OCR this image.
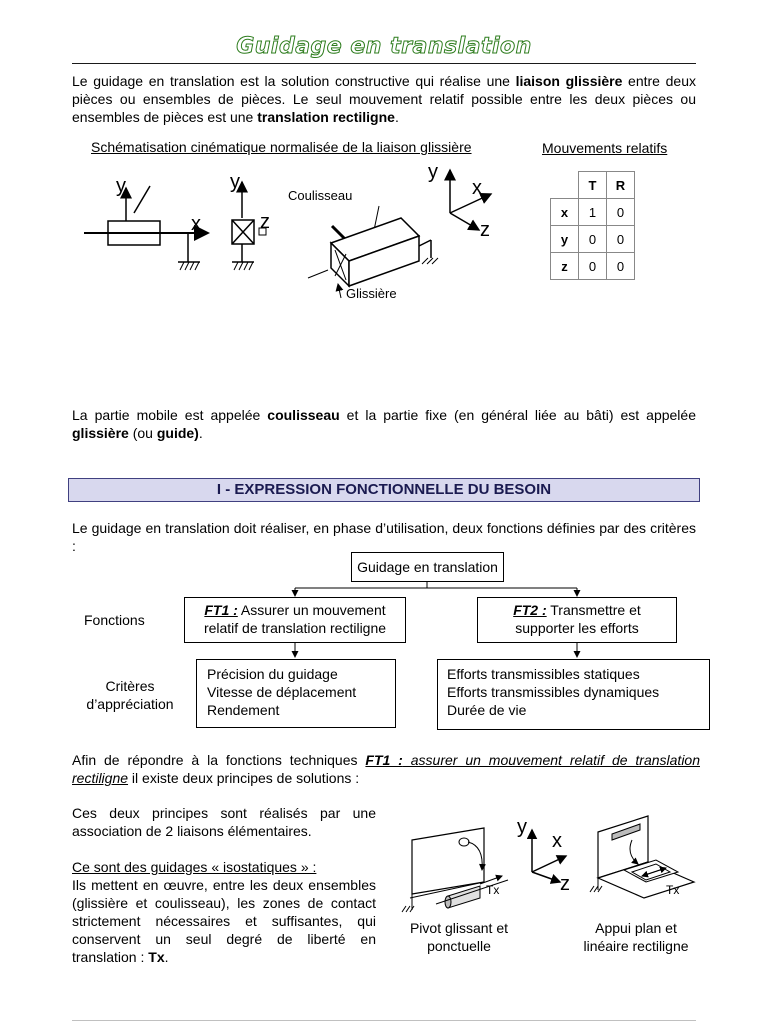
Guidage en translation
Le guidage en translation est la solution constructive qui réalise une liaison glissière entre deux pièces ou ensembles de pièces. Le seul mouvement relatif possible entre les deux pièces ou ensembles de pièces est une translation rectiligne.
Schématisation cinématique normalisée de la liaison glissière	Mouvements relatifs
y
x
y
z
Coulisseau
Glissière
y
x
z
	T	R
x	1	0
y	0	0
z	0	0
La partie mobile est appelée coulisseau et la partie fixe (en général liée au bâti) est appelée glissière (ou guide).
I - EXPRESSION FONCTIONNELLE DU BESOIN
Le guidage en translation doit réaliser, en phase d’utilisation, deux fonctions définies par des critères :
Guidage en translation
Fonctions
Critères
d’appréciation
FT1 : Assurer un mouvement
relatif de translation rectiligne
FT2 : Transmettre et
supporter les efforts
Précision du guidage
Vitesse de déplacement
Rendement
Efforts transmissibles statiques
Efforts transmissibles dynamiques
Durée de vie
Afin de répondre à la fonctions techniques FT1 : assurer un mouvement relatif de translation rectiligne il existe deux principes de solutions :
Ces deux principes sont réalisés par une association de 2 liaisons élémentaires.
Ce sont des guidages « isostatiques » :
Ils mettent en œuvre, entre les deux ensembles (glissière et coulisseau), les zones de contact strictement nécessaires et suffisantes, qui conservent un seul degré de liberté en translation : Tx.
Tx
y
x
z	Tx
Pivot glissant et
ponctuelle
Appui plan et
linéaire rectiligne
